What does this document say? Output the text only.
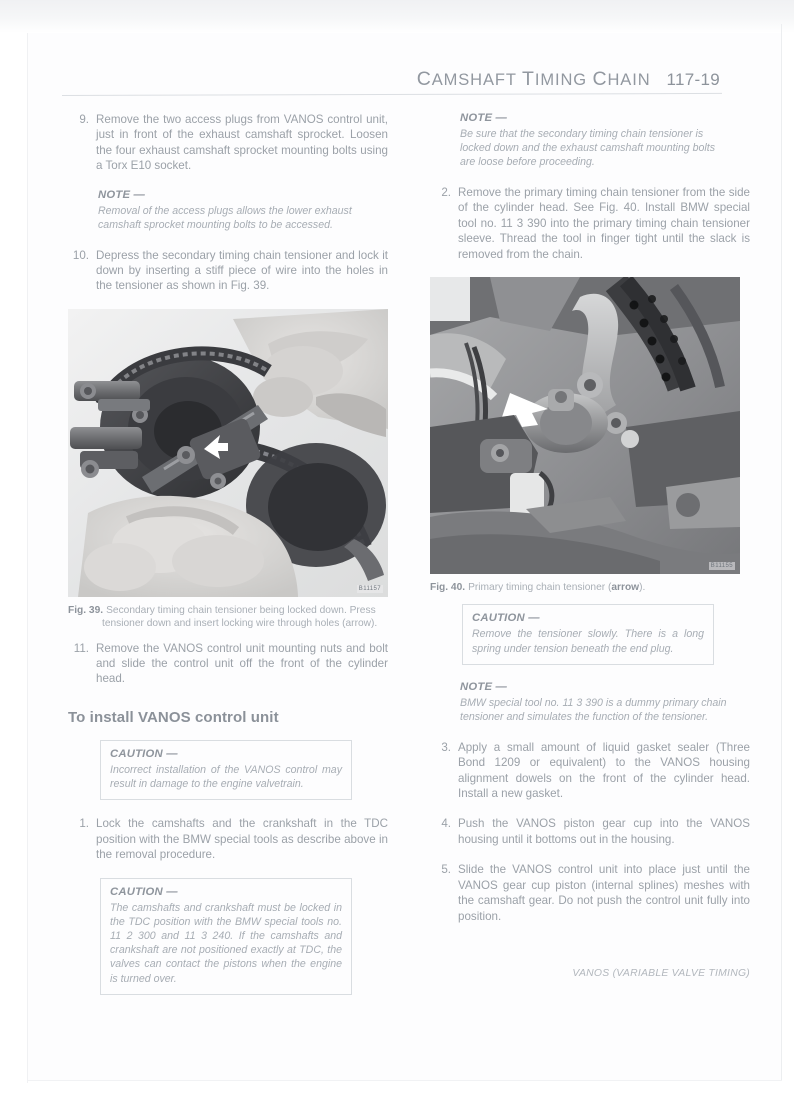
CAMSHAFT TIMING CHAIN 117-19
9. Remove the two access plugs from VANOS control unit, just in front of the exhaust camshaft sprocket. Loosen the four exhaust camshaft sprocket mounting bolts using a Torx E10 socket.
NOTE —
Removal of the access plugs allows the lower exhaust camshaft sprocket mounting bolts to be accessed.
10. Depress the secondary timing chain tensioner and lock it down by inserting a stiff piece of wire into the holes in the tensioner as shown in Fig. 39.
B11157
Fig. 39. Secondary timing chain tensioner being locked down. Press tensioner down and insert locking wire through holes (arrow).
11. Remove the VANOS control unit mounting nuts and bolt and slide the control unit off the front of the cylinder head.
To install VANOS control unit
CAUTION —
Incorrect installation of the VANOS control may result in damage to the engine valvetrain.
1. Lock the camshafts and the crankshaft in the TDC position with the BMW special tools as describe above in the removal procedure.
CAUTION —
The camshafts and crankshaft must be locked in the TDC position with the BMW special tools no. 11 2 300 and 11 3 240. If the camshafts and crankshaft are not positioned exactly at TDC, the valves can contact the pistons when the engine is turned over.
NOTE —
Be sure that the secondary timing chain tensioner is locked down and the exhaust camshaft mounting bolts are loose before proceeding.
2. Remove the primary timing chain tensioner from the side of the cylinder head. See Fig. 40. Install BMW special tool no. 11 3 390 into the primary timing chain tensioner sleeve. Thread the tool in finger tight until the slack is removed from the chain.
B11155
Fig. 40. Primary timing chain tensioner (arrow).
CAUTION —
Remove the tensioner slowly. There is a long spring under tension beneath the end plug.
NOTE —
BMW special tool no. 11 3 390 is a dummy primary chain tensioner and simulates the function of the tensioner.
3. Apply a small amount of liquid gasket sealer (Three Bond 1209 or equivalent) to the VANOS housing alignment dowels on the front of the cylinder head. Install a new gasket.
4. Push the VANOS piston gear cup into the VANOS housing until it bottoms out in the housing.
5. Slide the VANOS control unit into place just until the VANOS gear cup piston (internal splines) meshes with the camshaft gear. Do not push the control unit fully into position.
VANOS (VARIABLE VALVE TIMING)
